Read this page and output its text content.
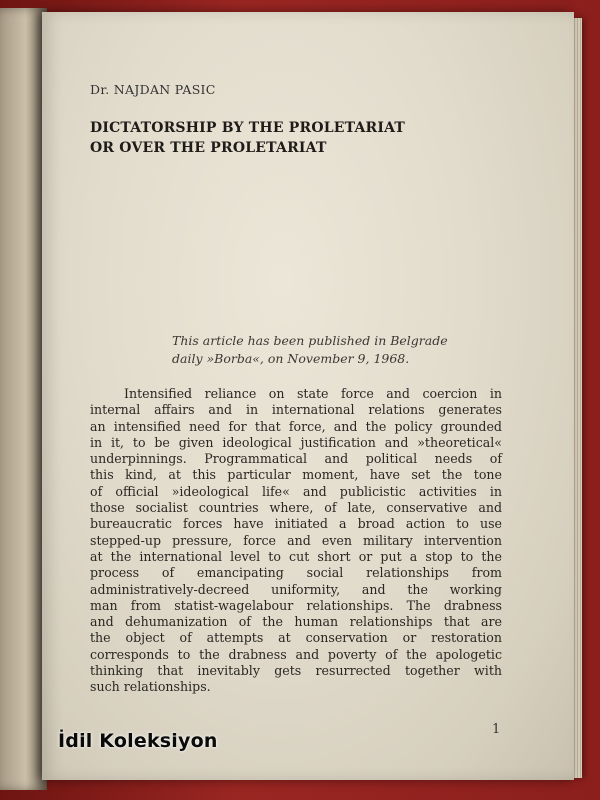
Dr. NAJDAN PASIC
DICTATORSHIP BY THE PROLETARIAT
OR OVER THE PROLETARIAT
This article has been published in Belgrade
daily »Borba«, on November 9, 1968.
Intensified reliance on state force and coercion in
internal affairs and in international relations generates
an intensified need for that force, and the policy grounded
in it, to be given ideological justification and »theoretical«
underpinnings. Programmatical and political needs of
this kind, at this particular moment, have set the tone
of official »ideological life« and publicistic activities in
those socialist countries where, of late, conservative and
bureaucratic forces have initiated a broad action to use
stepped-up pressure, force and even military intervention
at the international level to cut short or put a stop to the
process of emancipating social relationships from
administratively-decreed uniformity, and the working
man from statist-wagelabour relationships. The drabness
and dehumanization of the human relationships that are
the object of attempts at conservation or restoration
corresponds to the drabness and poverty of the apologetic
thinking that inevitably gets resurrected together with
such relationships.
1
İdil Koleksiyon
